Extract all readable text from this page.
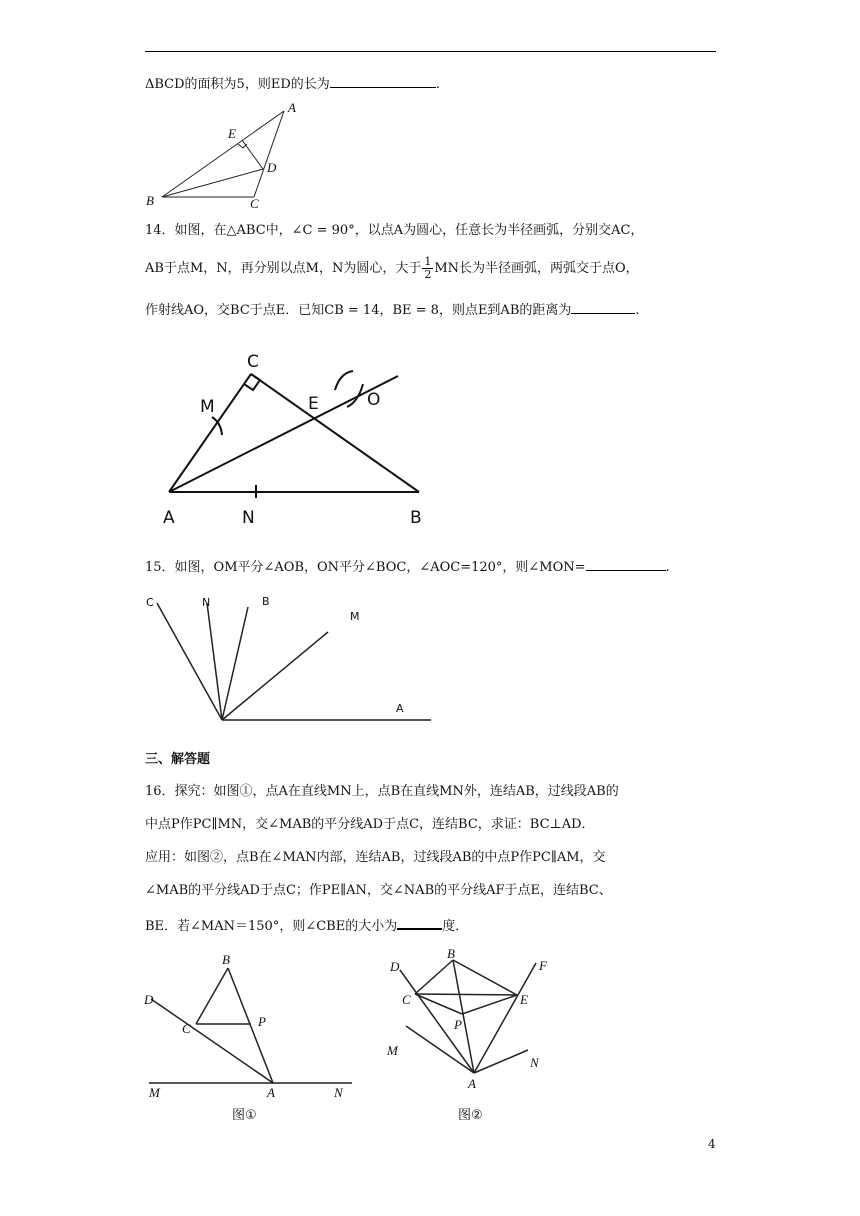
ΔBCD的面积为5，则ED的长为	.
A
E
D
B	C
14．如图，在△ABC中，∠C = 90°，以点A为圆心，任意长为半径画弧，分别交AC，
AB于点M，N，再分别以点M，N为圆心，大于 $\frac{1}{2}$ MN长为半径画弧，两弧交于点O，
作射线AO，交BC于点E．已知CB = 14，BE = 8，则点E到AB的距离为	.
C
M	E	O
A	N	B
15．如图，OM平分∠AOB，ON平分∠BOC，∠AOC=120°，则∠MON=	.
C	N	B
M
A
三、解答题
16．探究：如图①，点A在直线MN上，点B在直线MN外，连结AB，过线段AB的
中点P作PC∥MN，交∠MAB的平分线AD于点C，连结BC，求证：BC⊥AD．
应用：如图②，点B在∠MAN内部，连结AB，过线段AB的中点P作PC∥AM，交
∠MAB的平分线AD于点C；作PE∥AN，交∠NAB的平分线AF于点E，连结BC、
BE．若∠MAN＝150°，则∠CBE的大小为	度．
B
D
C	P
M	A	N
图①
B
D	F
C	E
P
M
A
N
图②
4
